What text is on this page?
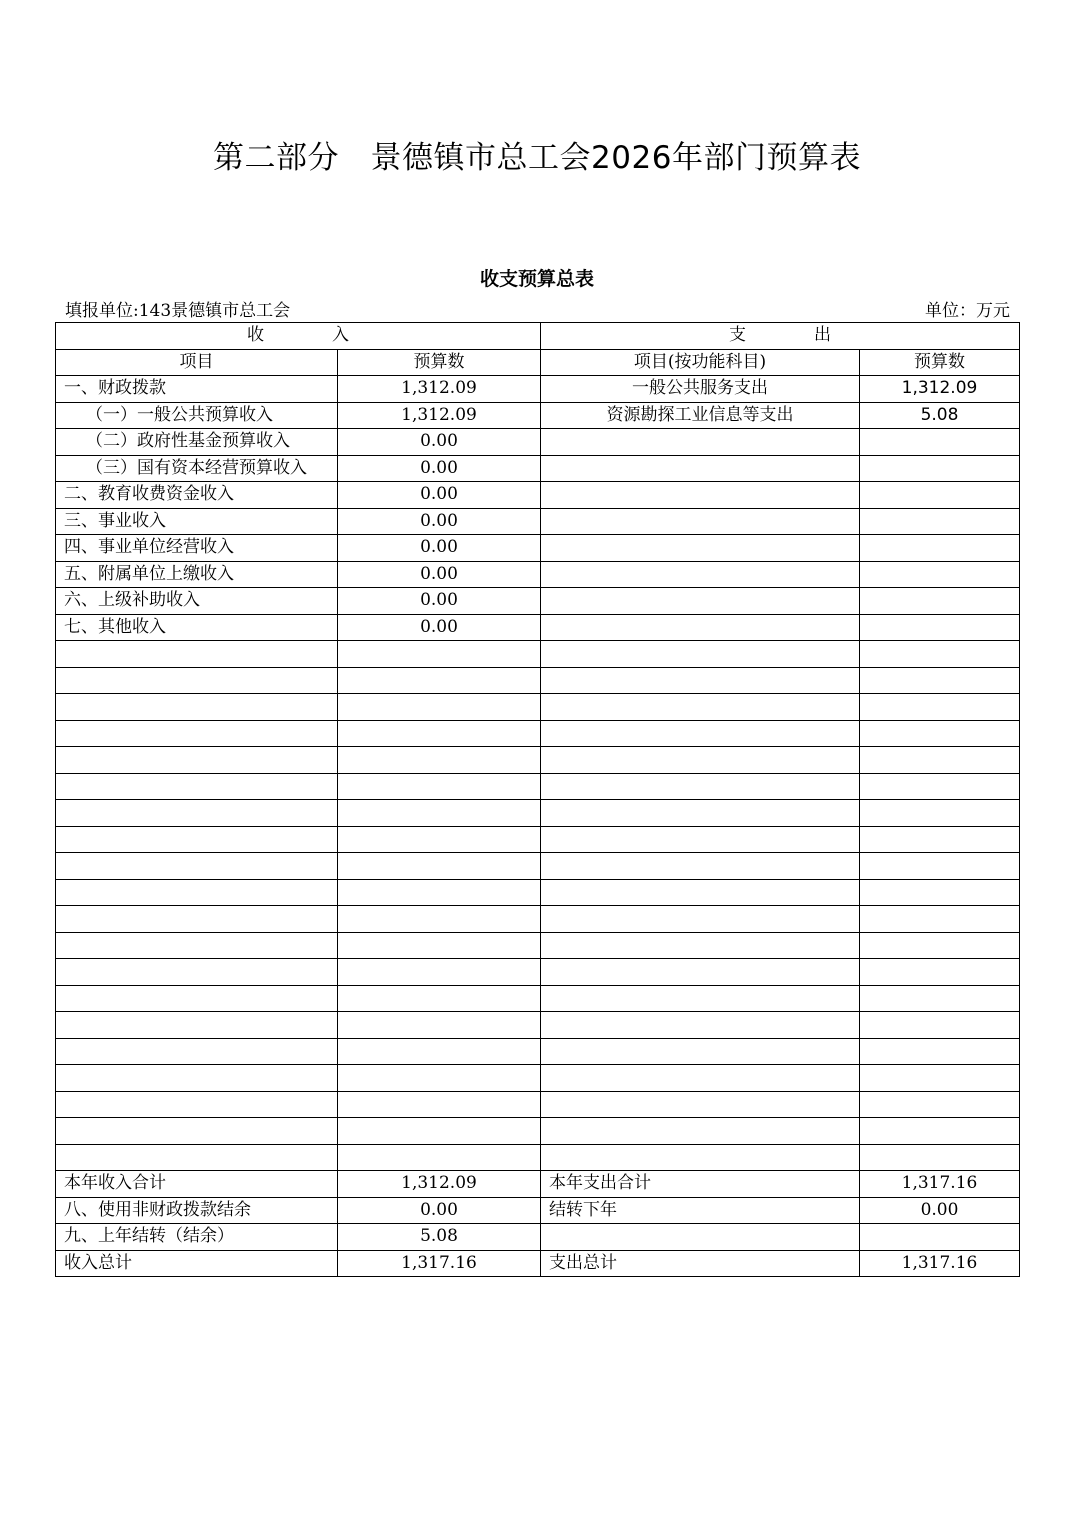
第二部分　景德镇市总工会2026年部门预算表
收支预算总表
填报单位:143景德镇市总工会	单位：万元
收　　　　入		支　　　　出	
项目	预算数	项目(按功能科目)	预算数
一、财政拨款	1,312.09	一般公共服务支出	1,312.09
（一）一般公共预算收入	1,312.09	资源勘探工业信息等支出	5.08
（二）政府性基金预算收入	0.00		
（三）国有资本经营预算收入	0.00		
二、教育收费资金收入	0.00		
三、事业收入	0.00		
四、事业单位经营收入	0.00		
五、附属单位上缴收入	0.00		
六、上级补助收入	0.00		
七、其他收入	0.00		

本年收入合计	1,312.09	本年支出合计	1,317.16
八、使用非财政拨款结余	0.00	结转下年	0.00
九、上年结转（结余）	5.08		
收入总计	1,317.16	支出总计	1,317.16
